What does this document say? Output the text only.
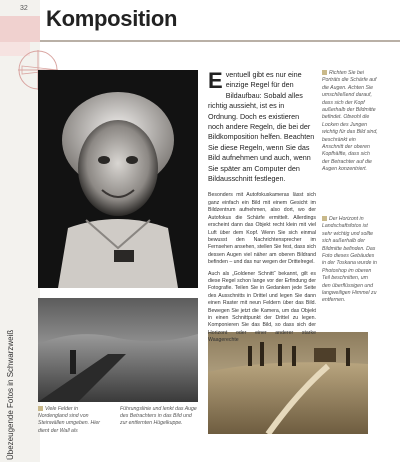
32 Komposition

Eventuell gibt es nur eine einzige Regel für den Bildaufbau: Sobald alles richtig aussieht, ist es in Ordnung. Doch es existieren noch andere Regeln, die bei der Bildkomposition helfen. Beachten Sie diese Regeln, wenn Sie das Bild aufnehmen und auch, wenn Sie später am Computer den Bildausschnitt festlegen.

Besonders mit Autofokuskameras lässt sich ganz einfach ein Bild mit einem Gesicht im Bildzentrum aufnehmen, also dort, wo der Autofokus die Schärfe ermittelt. Allerdings erscheint dann das Objekt recht klein mit viel Luft über dem Kopf. Wenn Sie sich einmal bewusst den Nachrichtensprecher im Fernsehen ansehen, stellen Sie fest, dass sich dessen Augen viel näher am oberen Bildrand befinden – und das nur wegen der Drittelregel.

Auch als „Goldener Schnitt“ bekannt, gilt es diese Regel schon lange vor der Erfindung der Fotografie. Teilen Sie in Gedanken jede Seite des Ausschnitts in Drittel und legen Sie dann einen Raster mit neun Feldern über das Bild. Bewegen Sie jetzt die Kamera, um das Objekt in einen Schnittpunkt der Drittel zu legen. Komponieren Sie das Bild, so dass sich der Horizont oder einer anderer starke Waagerechte

Richten Sie bei Porträts die Schärfe auf die Augen. Achten Sie umschließend darauf, dass sich der Kopf außerhalb der Bildmitte befindet. Obwohl die Locken des Jungen wichtig für das Bild sind, beschränkt ein Anschnitt der oberen Kopfhälfte, dass sich der Betrachter auf die Augen konzentriert.
Der Horizont in Landschaftsfotos ist sehr wichtig und sollte sich außerhalb der Bildmitte befinden. Das Foto dieses Gebäudes in der Toskana wurde in Photoshop im oberen Teil beschnitten, um den überflüssigen und langweiligen Himmel zu entfernen.
Viele Felder in Nordengland sind von Steinwällen umgeben. Hier dient der Wall als
Führungslinie und lenkt das Auge des Betrachters in das Bild und zur entfernten Hügelkuppe.
Übezeugende Fotos in Schwarzweiß
